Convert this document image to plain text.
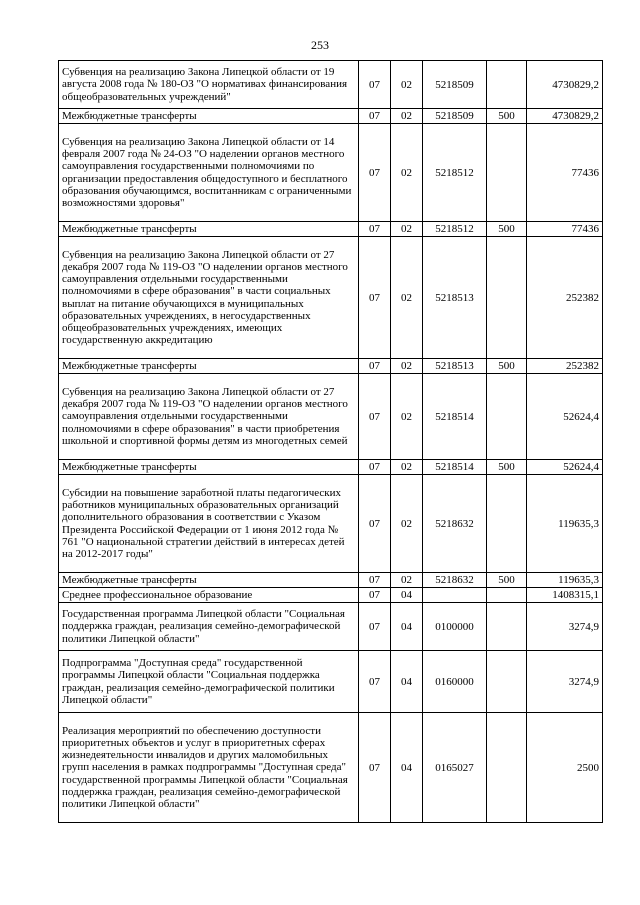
253
Субвенция на реализацию Закона Липецкой области от 19 августа 2008 года № 180-ОЗ "О нормативах финансирования общеобразовательных учреждений"	07	02	5218509		4730829,2
Межбюджетные трансферты	07	02	5218509	500	4730829,2
Субвенция на реализацию Закона Липецкой области от 14 февраля 2007 года № 24-ОЗ "О наделении органов местного самоуправления государственными полномочиями по организации предоставления общедоступного и бесплатного образования обучающимся, воспитанникам с ограниченными возможностями здоровья"	07	02	5218512		77436
Межбюджетные трансферты	07	02	5218512	500	77436
Субвенция на реализацию Закона Липецкой области от 27 декабря 2007 года № 119-ОЗ "О наделении органов местного самоуправления отдельными государственными полномочиями в сфере образования" в части социальных выплат на питание обучающихся в муниципальных образовательных учреждениях, в негосударственных общеобразовательных учреждениях, имеющих государственную аккредитацию	07	02	5218513		252382
Межбюджетные трансферты	07	02	5218513	500	252382
Субвенция на реализацию Закона Липецкой области от 27 декабря 2007 года № 119-ОЗ "О наделении органов местного самоуправления отдельными государственными полномочиями в сфере образования" в части приобретения школьной и спортивной формы детям из многодетных семей	07	02	5218514		52624,4
Межбюджетные трансферты	07	02	5218514	500	52624,4
Субсидии на повышение заработной платы педагогических работников муниципальных образовательных организаций дополнительного образования в соответствии с Указом Президента Российской Федерации от 1 июня 2012 года № 761 "О национальной стратегии действий в интересах детей на 2012-2017 годы"	07	02	5218632		119635,3
Межбюджетные трансферты	07	02	5218632	500	119635,3
Среднее профессиональное образование	07	04			1408315,1
Государственная программа Липецкой области "Социальная поддержка граждан, реализация семейно-демографической политики Липецкой области"	07	04	0100000		3274,9
Подпрограмма "Доступная среда" государственной программы Липецкой области "Социальная поддержка граждан, реализация семейно-демографической политики Липецкой области"	07	04	0160000		3274,9
Реализация мероприятий по обеспечению доступности приоритетных объектов и услуг в приоритетных сферах жизнедеятельности инвалидов и других маломобильных групп населения в рамках подпрограммы "Доступная среда" государственной программы Липецкой области "Социальная поддержка граждан, реализация семейно-демографической политики Липецкой области"	07	04	0165027		2500
